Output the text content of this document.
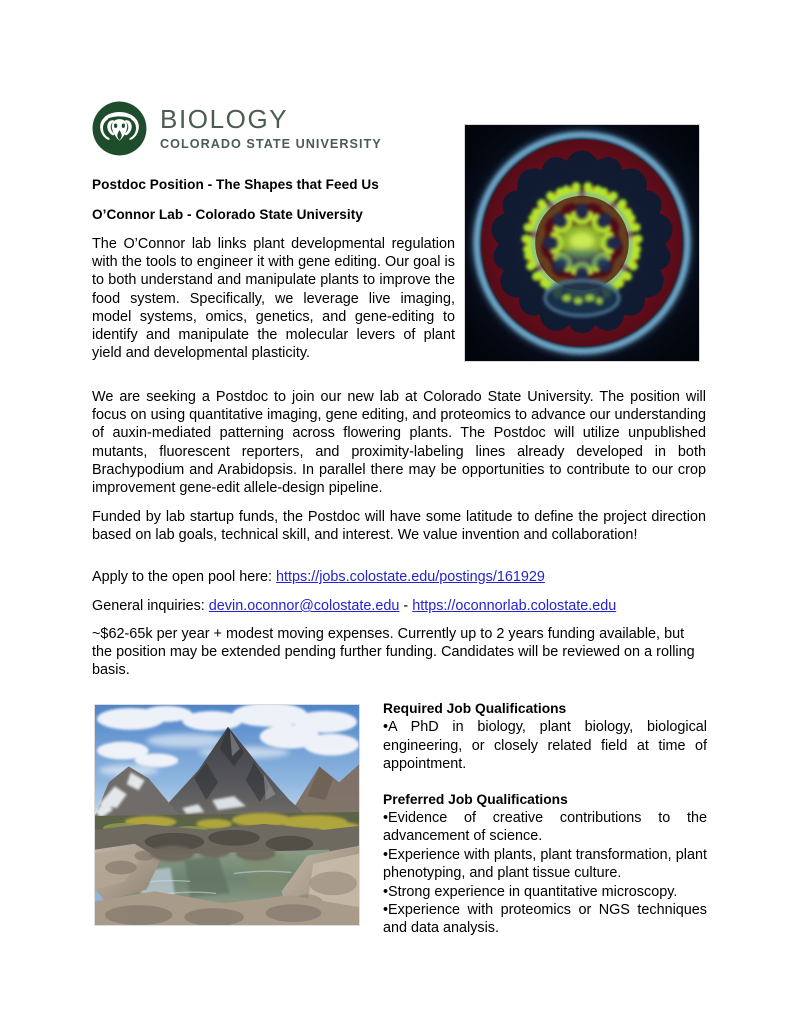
BIOLOGY
COLORADO STATE UNIVERSITY
Postdoc Position - The Shapes that Feed Us
O’Connor Lab - Colorado State University
The O’Connor lab links plant developmental regulation with the tools to engineer it with gene editing. Our goal is to both understand and manipulate plants to improve the food system. Specifically, we leverage live imaging, model systems, omics, genetics, and gene-editing to identify and manipulate the molecular levers of plant yield and developmental plasticity.
We are seeking a Postdoc to join our new lab at Colorado State University. The position will focus on using quantitative imaging, gene editing, and proteomics to advance our understanding of auxin-mediated patterning across flowering plants. The Postdoc will utilize unpublished mutants, fluorescent reporters, and proximity-labeling lines already developed in both Brachypodium and Arabidopsis. In parallel there may be opportunities to contribute to our crop improvement gene-edit allele-design pipeline.
Funded by lab startup funds, the Postdoc will have some latitude to define the project direction based on lab goals, technical skill, and interest. We value invention and collaboration!
Apply to the open pool here: https://jobs.colostate.edu/postings/161929
General inquiries: devin.oconnor@colostate.edu - https://oconnorlab.colostate.edu
~$62-65k per year + modest moving expenses. Currently up to 2 years funding available, but the position may be extended pending further funding. Candidates will be reviewed on a rolling basis.
Required Job Qualifications
•A PhD in biology, plant biology, biological engineering, or closely related field at time of appointment.
Preferred Job Qualifications
•Evidence of creative contributions to the advancement of science.
•Experience with plants, plant transformation, plant phenotyping, and plant tissue culture.
•Strong experience in quantitative microscopy.
•Experience with proteomics or NGS techniques and data analysis.
